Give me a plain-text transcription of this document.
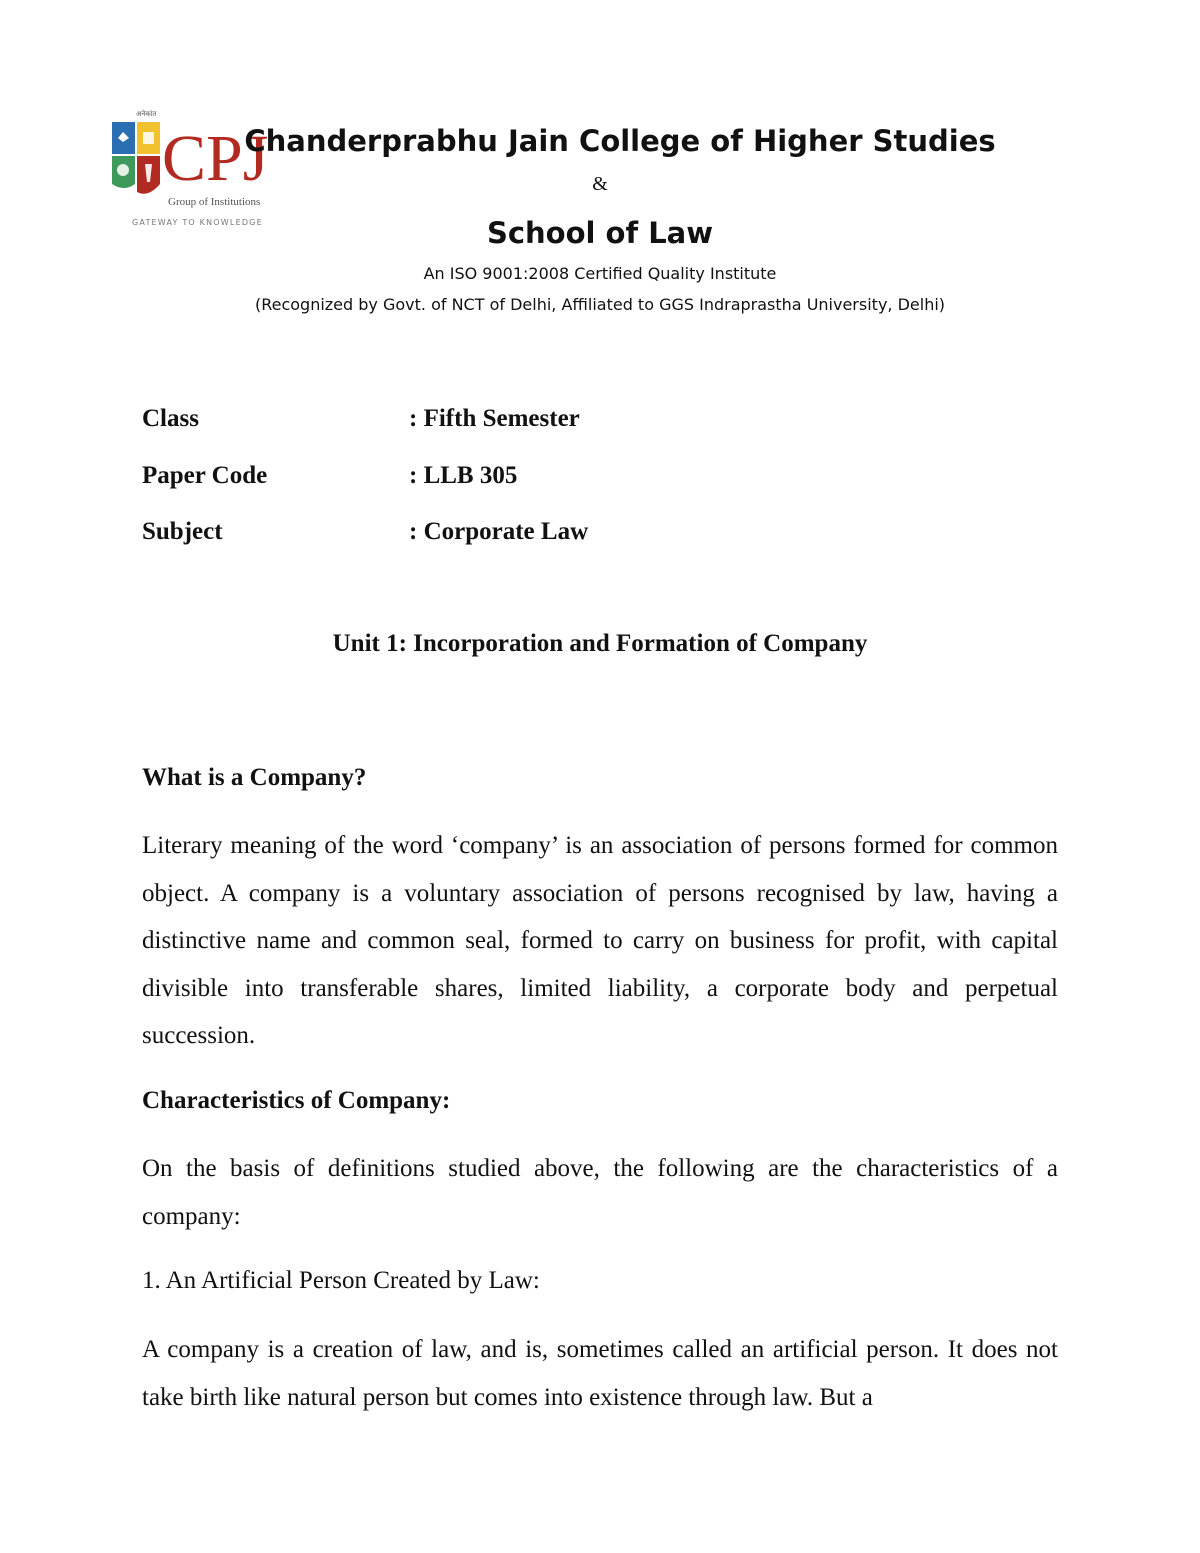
अनेकांत
CPJ
Group of Institutions
GATEWAY TO KNOWLEDGE
Chanderprabhu Jain College of Higher Studies
&
School of Law
An ISO 9001:2008 Certified Quality Institute
(Recognized by Govt. of NCT of Delhi, Affiliated to GGS Indraprastha University, Delhi)
Class	: Fifth Semester
Paper Code	: LLB 305
Subject	: Corporate Law
Unit 1: Incorporation and Formation of Company
What is a Company?
Literary meaning of the word ‘company’ is an association of persons formed for common object. A company is a voluntary association of persons recognised by law, having a distinctive name and common seal, formed to carry on business for profit, with capital divisible into transferable shares, limited liability, a corporate body and perpetual succession.
Characteristics of Company:
On the basis of definitions studied above, the following are the characteristics of a company:
1. An Artificial Person Created by Law:
A company is a creation of law, and is, sometimes called an artificial person. It does not take birth like natural person but comes into existence through law. But a
